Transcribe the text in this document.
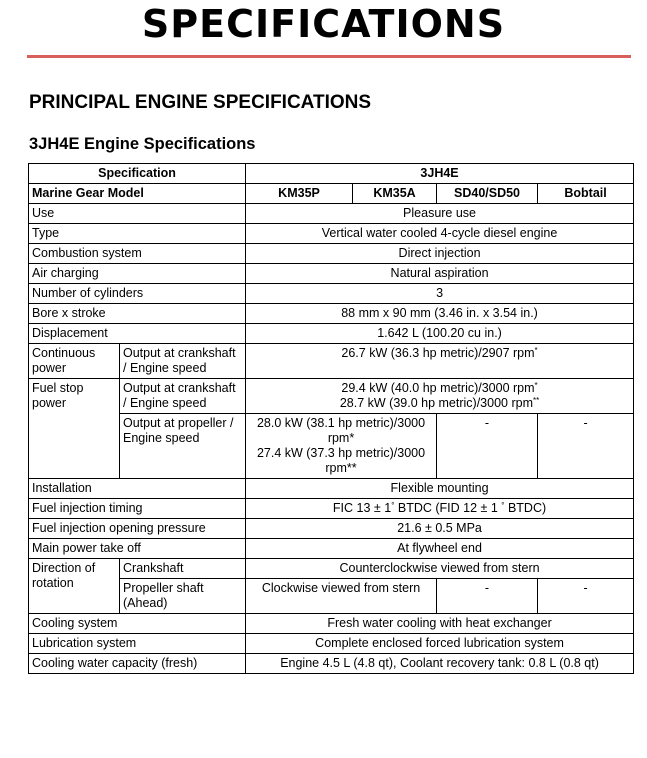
SPECIFICATIONS
PRINCIPAL ENGINE SPECIFICATIONS
3JH4E Engine Specifications
Specification		3JH4E			
Marine Gear Model		KM35P	KM35A	SD40/SD50	Bobtail
Use		Pleasure use			
Type		Vertical water cooled 4-cycle diesel engine			
Combustion system		Direct injection			
Air charging		Natural aspiration			
Number of cylinders		3			
Bore x stroke		88 mm x 90 mm (3.46 in. x 3.54 in.)			
Displacement		1.642 L (100.20 cu in.)			
Continuous power	Output at crankshaft / Engine speed	26.7 kW (36.3 hp metric)/2907 rpm*
Fuel stop power	Output at crankshaft / Engine speed	29.4 kW (40.0 hp metric)/3000 rpm*
28.7 kW (39.0 hp metric)/3000 rpm**
	Output at propeller / Engine speed	28.0 kW (38.1 hp metric)/3000 rpm*
27.4 kW (37.3 hp metric)/3000 rpm**		-	-
Installation		Flexible mounting			
Fuel injection timing		FIC 13 ± 1° BTDC (FID 12 ± 1 ° BTDC)			
Fuel injection opening pressure		21.6 ± 0.5 MPa			
Main power take off		At flywheel end			
Direction of rotation	Crankshaft	Counterclockwise viewed from stern			
	Propeller shaft (Ahead)	Clockwise viewed from stern		-	-
Cooling system		Fresh water cooling with heat exchanger			
Lubrication system		Complete enclosed forced lubrication system			
Cooling water capacity (fresh)		Engine 4.5 L (4.8 qt), Coolant recovery tank: 0.8 L (0.8 qt)			
